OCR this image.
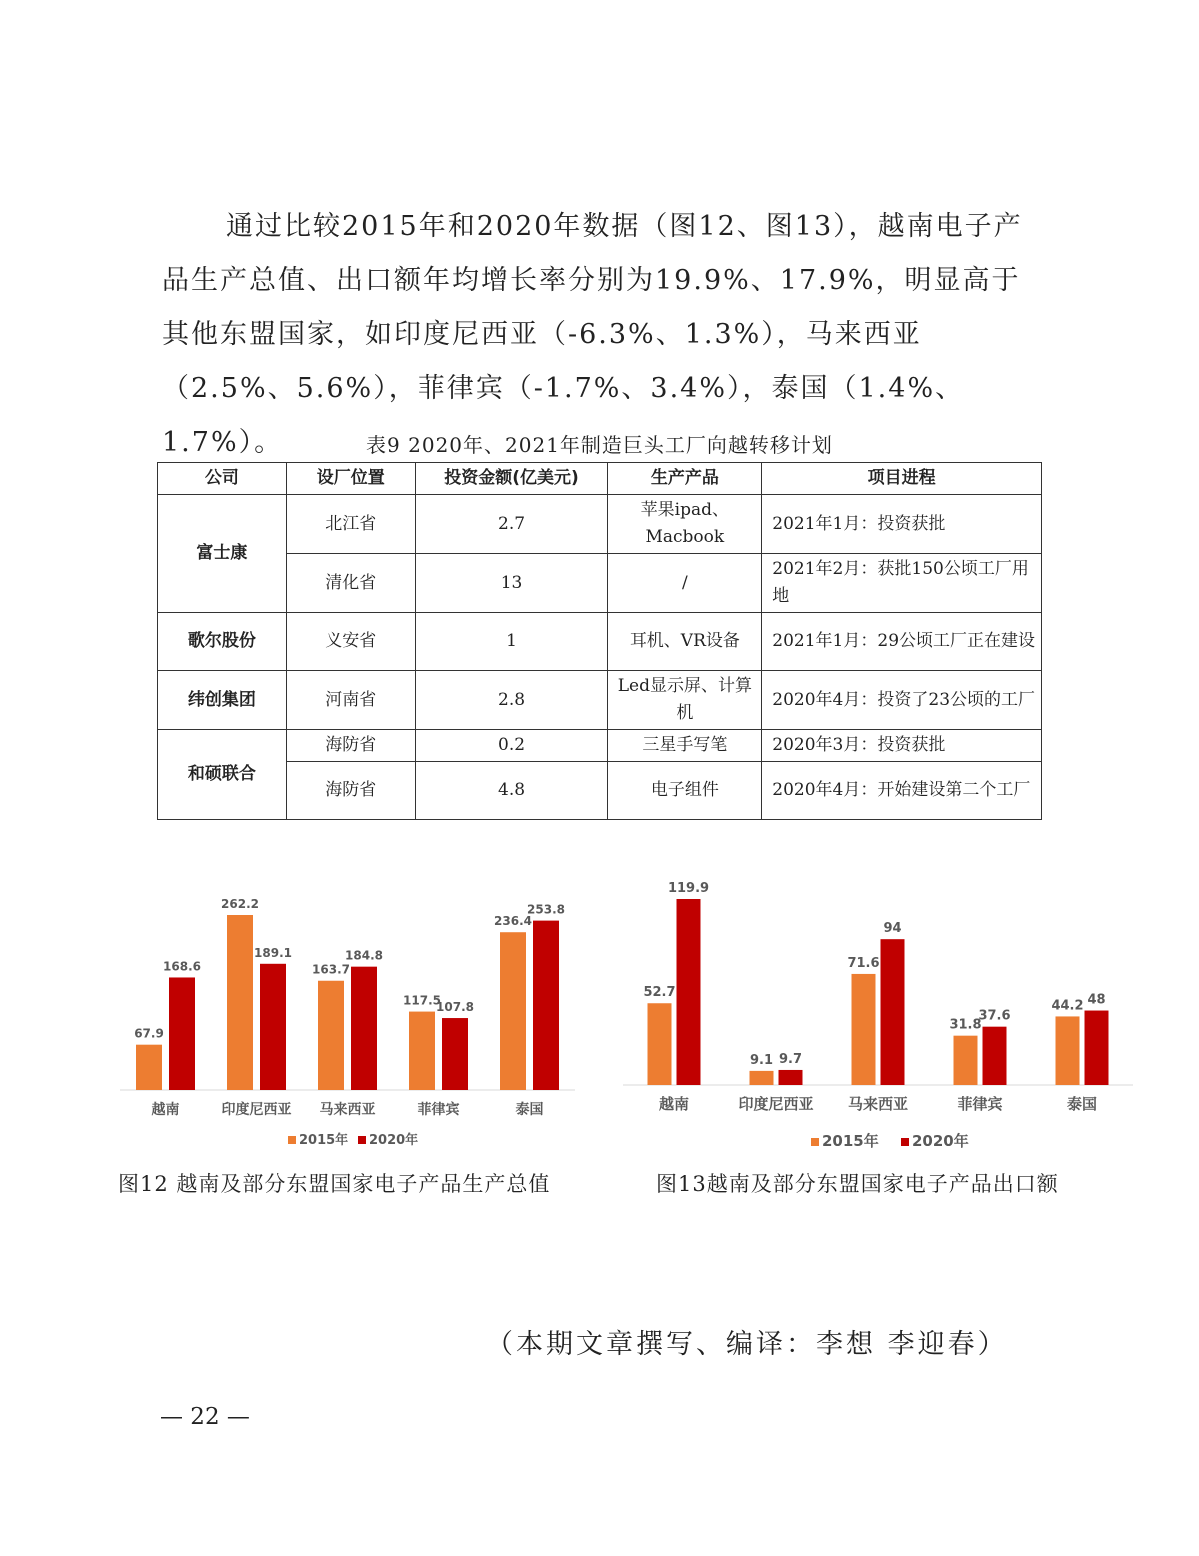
通过比较2015年和2020年数据（图12、图13），越南电子产品生产总值、出口额年均增长率分别为19.9%、17.9%，明显高于其他东盟国家，如印度尼西亚（-6.3%、1.3%），马来西亚（2.5%、5.6%），菲律宾（-1.7%、3.4%），泰国（1.4%、1.7%）。	表9 2020年、2021年制造巨头工厂向越转移计划
公司	设厂位置	投资金额(亿美元)	生产产品	项目进程
富士康	北江省	2.7	苹果ipad、Macbook	2021年1月：投资获批
	清化省	13	/	2021年2月：获批150公顷工厂用地
歌尔股份	义安省	1	耳机、VR设备	2021年1月：29公顷工厂正在建设
纬创集团	河南省	2.8	Led显示屏、计算机	2020年4月：投资了23公顷的工厂
和硕联合	海防省	0.2	三星手写笔	2020年3月：投资获批
	海防省	4.8	电子组件	2020年4月：开始建设第二个工厂
67.9
168.6
越南
262.2
189.1
印度尼西亚
163.7
184.8
马来西亚
117.5
107.8
菲律宾
236.4
253.8
泰国
2015年 2020年
52.7
119.9
越南
9.1 9.7
印度尼西亚
71.6
94
马来西亚
31.8
37.6
菲律宾
44.2 48
泰国
2015年 2020年
图12 越南及部分东盟国家电子产品生产总值	图13越南及部分东盟国家电子产品出口额
（本期文章撰写、编译：李想 李迎春）
— 22 —
